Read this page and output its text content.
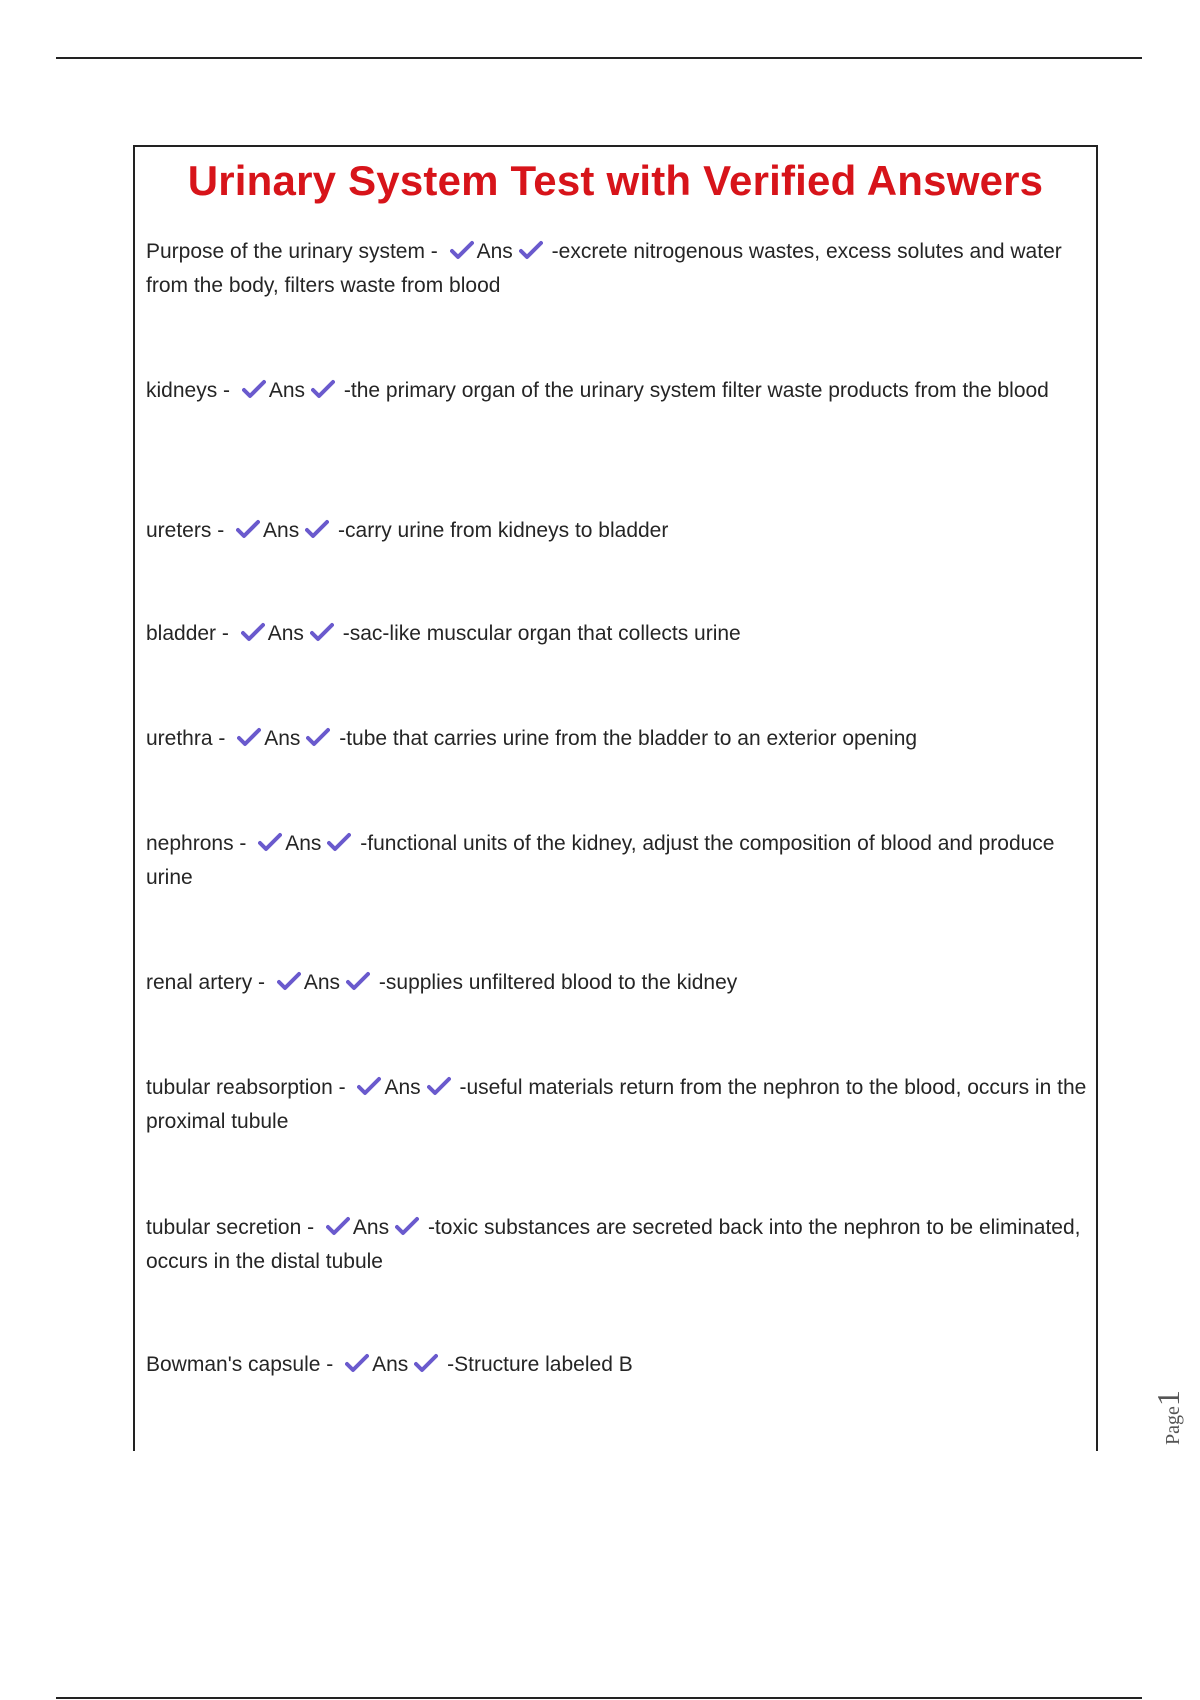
Urinary System Test with Verified Answers

Purpose of the urinary system -
Ans
-excrete nitrogenous wastes, excess solutes and water from the body, filters waste from blood

kidneys -
Ans
-the primary organ of the urinary system filter waste products from the blood

ureters -
Ans
-carry urine from kidneys to bladder

bladder -
Ans
-sac-like muscular organ that collects urine

urethra -
Ans
-tube that carries urine from the bladder to an exterior opening

nephrons -
Ans
-functional units of the kidney, adjust the composition of blood and produce urine

renal artery -
Ans
-supplies unfiltered blood to the kidney

tubular reabsorption -
Ans
-useful materials return from the nephron to the blood, occurs in the proximal tubule

tubular secretion -
Ans
-toxic substances are secreted back into the nephron to be eliminated, occurs in the distal tubule

Bowman's capsule -
Ans
-Structure labeled B

Page1
